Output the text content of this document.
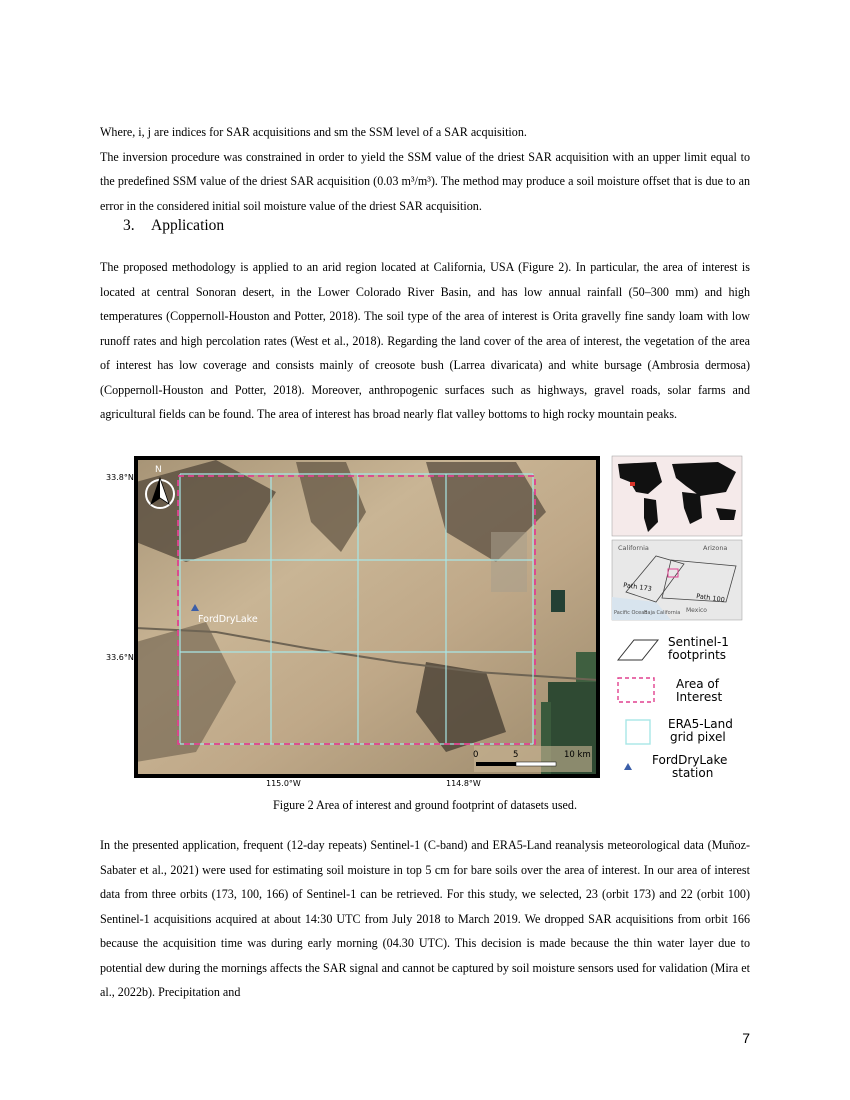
Where, i, j are indices for SAR acquisitions and sm the SSM level of a SAR acquisition.
The inversion procedure was constrained in order to yield the SSM value of the driest SAR acquisition with an upper limit equal to the predefined SSM value of the driest SAR acquisition (0.03 m³/m³). The method may produce a soil moisture offset that is due to an error in the considered initial soil moisture value of the driest SAR acquisition.
3. Application
The proposed methodology is applied to an arid region located at California, USA (Figure 2). In particular, the area of interest is located at central Sonoran desert, in the Lower Colorado River Basin, and has low annual rainfall (50–300 mm) and high temperatures (Coppernoll-Houston and Potter, 2018). The soil type of the area of interest is Orita gravelly fine sandy loam with low runoff rates and high percolation rates (West et al., 2018). Regarding the land cover of the area of interest, the vegetation of the area of interest has low coverage and consists mainly of creosote bush (Larrea divaricata) and white bursage (Ambrosia dermosa) (Coppernoll-Houston and Potter, 2018). Moreover, anthropogenic surfaces such as highways, gravel roads, solar farms and agricultural fields can be found. The area of interest has broad nearly flat valley bottoms to high rocky mountain peaks.
N
FordDryLake
0	5	10 km
33.8°N
33.6°N
115.0°W	114.8°W
California	Arizona
Path 173
Path 100
Mexico
Pacific Ocean
Baja California
Sentinel-1
footprints
Area of
Interest
ERA5-Land
grid pixel
FordDryLake
station
Figure 2 Area of interest and ground footprint of datasets used.
In the presented application, frequent (12-day repeats) Sentinel-1 (C-band) and ERA5-Land reanalysis meteorological data (Muñoz-Sabater et al., 2021) were used for estimating soil moisture in top 5 cm for bare soils over the area of interest. In our area of interest data from three orbits (173, 100, 166) of Sentinel-1 can be retrieved. For this study, we selected, 23 (orbit 173) and 22 (orbit 100) Sentinel-1 acquisitions acquired at about 14:30 UTC from July 2018 to March 2019. We dropped SAR acquisitions from orbit 166 because the acquisition time was during early morning (04.30 UTC). This decision is made because the thin water layer due to potential dew during the mornings affects the SAR signal and cannot be captured by soil moisture sensors used for validation (Mira et al., 2022b). Precipitation and
7
